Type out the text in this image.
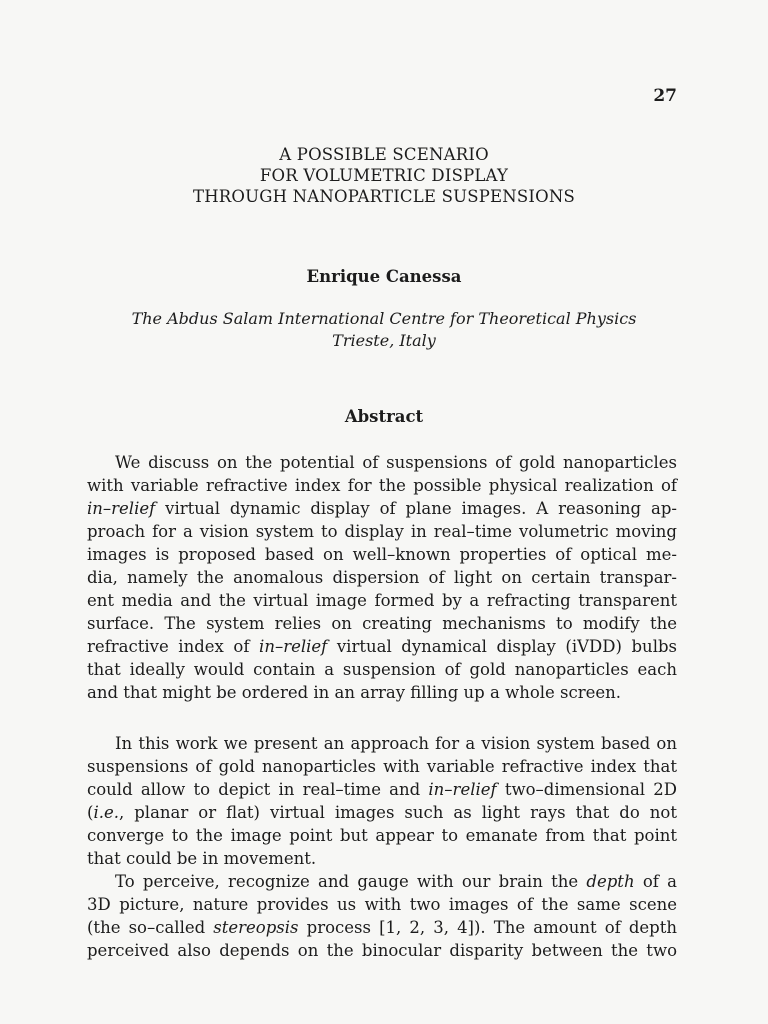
27
A POSSIBLE SCENARIO
FOR VOLUMETRIC DISPLAY
THROUGH NANOPARTICLE SUSPENSIONS
Enrique Canessa
The Abdus Salam International Centre for Theoretical Physics
Trieste, Italy
Abstract
We discuss on the potential of suspensions of gold nanoparticles
with variable refractive index for the possible physical realization of
in–relief virtual dynamic display of plane images. A reasoning ap-
proach for a vision system to display in real–time volumetric moving
images is proposed based on well–known properties of optical me-
dia, namely the anomalous dispersion of light on certain transpar-
ent media and the virtual image formed by a refracting transparent
surface. The system relies on creating mechanisms to modify the
refractive index of in–relief virtual dynamical display (iVDD) bulbs
that ideally would contain a suspension of gold nanoparticles each
and that might be ordered in an array filling up a whole screen.
In this work we present an approach for a vision system based on
suspensions of gold nanoparticles with variable refractive index that
could allow to depict in real–time and in–relief two–dimensional 2D
(i.e., planar or flat) virtual images such as light rays that do not
converge to the image point but appear to emanate from that point
that could be in movement.
To perceive, recognize and gauge with our brain the depth of a
3D picture, nature provides us with two images of the same scene
(the so–called stereopsis process [1, 2, 3, 4]). The amount of depth
perceived also depends on the binocular disparity between the two
